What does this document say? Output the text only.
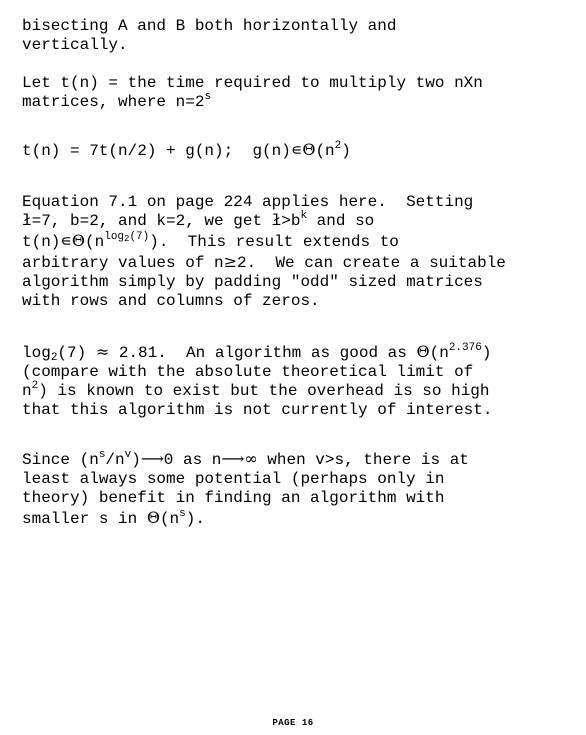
bisecting A and B both horizontally and
vertically.
Let t(n) = the time required to multiply two nXn
matrices, where $n=2^s$
t(n) = 7t(n/2) + g(n);  $g(n)∊\Theta(n^2)$
Equation 7.1 on page 224 applies here.  Setting
ł=7, b=2, and k=2, we get $ł>b^k$ and so
$t(n)∊\Theta(n^{log_2(7)})$.  This result extends to
arbitrary values of n≥2.  We can create a suitable
algorithm simply by padding "odd" sized matrices
with rows and columns of zeros.
$\log_2(7) \approx 2.81$.  An algorithm as good as $\Theta(n^{2.376})$
(compare with the absolute theoretical limit of
$n^2$) is known to exist but the overhead is so high
that this algorithm is not currently of interest.
Since $(n^s/n^v)⟶0$ as n⟶∞ when v>s, there is at
least always some potential (perhaps only in
theory) benefit in finding an algorithm with
smaller s in $\Theta(n^s)$.
PAGE 16
